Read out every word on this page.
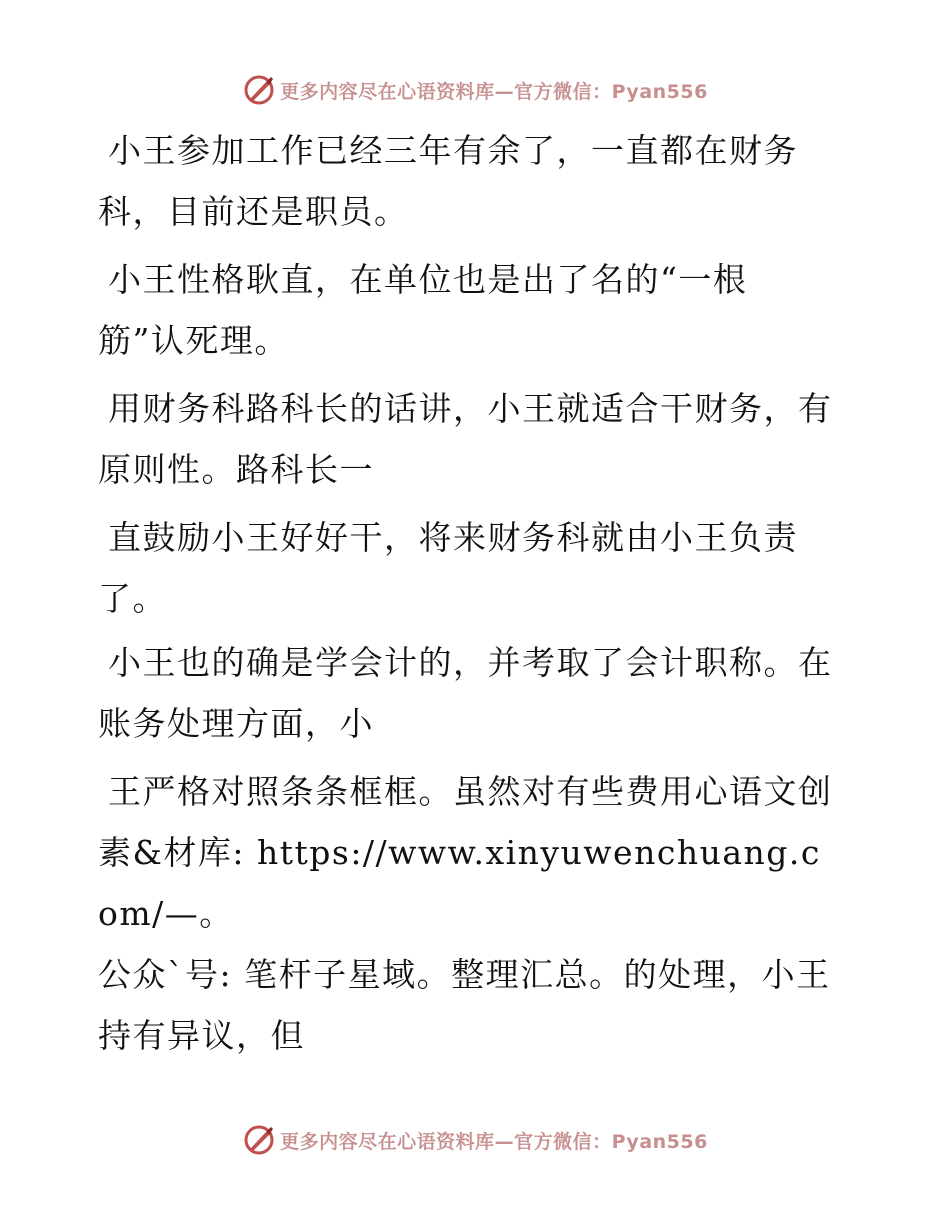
更多内容尽在心语资料库—官方微信：Pyan556

小王参加工作已经三年有余了，一直都在财务
科，目前还是职员。

小王性格耿直，在单位也是出了名的“一根
筋”认死理。

用财务科路科长的话讲，小王就适合干财务，有
原则性。路科长一

直鼓励小王好好干，将来财务科就由小王负责
了。

小王也的确是学会计的，并考取了会计职称。在
账务处理方面，小

王严格对照条条框框。虽然对有些费用心语文创
素&材库: https://www.xinyuwenchuang.com/—。
公众`号: 笔杆子星域。整理汇总。的处理，小王
持有异议，但

更多内容尽在心语资料库—官方微信：Pyan556
